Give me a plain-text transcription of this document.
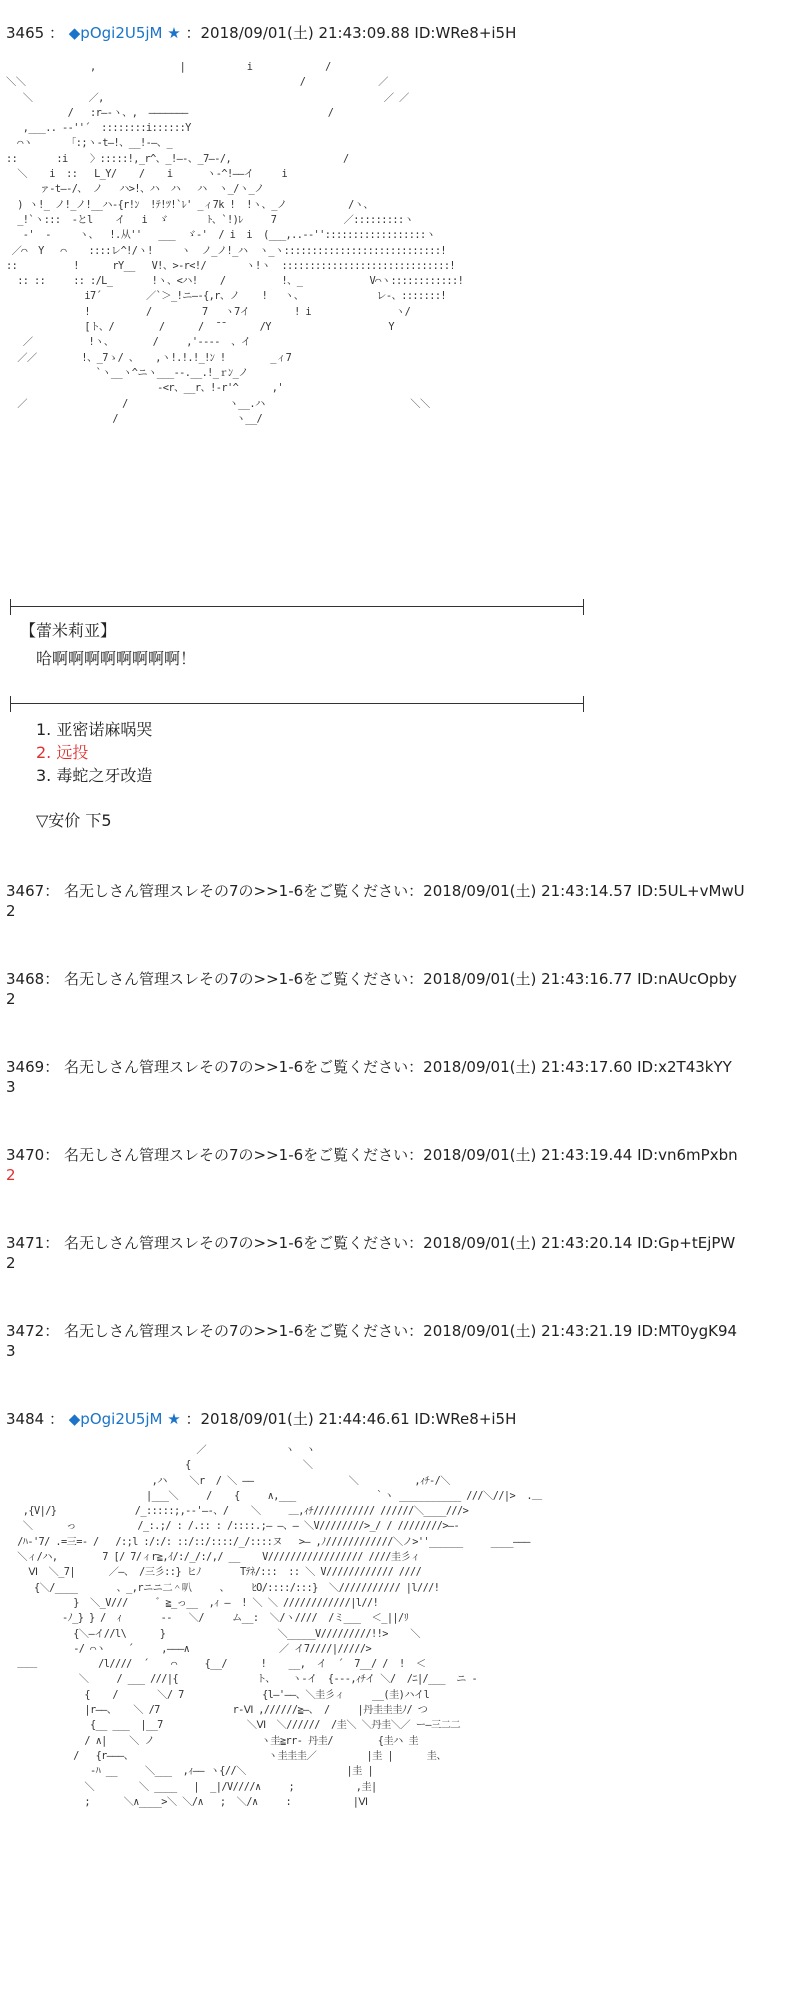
3465 ： ◆pOgi2U5jM ★ ：2018/09/01(土) 21:43:09.88 ID:WRe8+i5H
,               |           i             /
＼＼                                                 /             ／
＼          ／,                                                  ／ ／
/   :r―-ヽ、,  ―――――――                         /
,___.. -‐''´  ::::::::i::::::Y
⌒ヽ      「:;ヽ-t―!、__!-―、_
::       :i    〉:::::!,_r^、_!―-、_7―-/,                    /
＼    i  ::   L_Y/    /    i      ヽ-^!――イ     i
ァ-t―-/、 ノ   ハ>!、ハ  ハ   ハ  ヽ_/ヽ_ノ
) ヽ!_ ノ!_ノ!__ハ-{r!ﾝ  !ﾃ!ﾂ!`ﾚ' _ィ7k !  !ヽ、_ノ           /ヽ、
_!`ヽ:::  ‐とl    イ   i  ゞ       ﾄ、`!)ﾚ     7            ／:::::::::ヽ
‐'  ‐     ヽ、  !.从''   ___  ゞ-'  / i  i  (___,..-‐''::::::::::::::::::ヽ
／⌒  Y   ⌒    ::::レ^!/ヽ!     ヽ  ノ_ノ!_ハ  ヽ_ヽ::::::::::::::::::::::::::::!
::          !      rY__   V!、>-r<!/       ヽ!ヽ  ::::::::::::::::::::::::::::::!
:: ::     :: :/L_       !ヽ、<ハ!    /          !、_            V⌒ヽ::::::::::::!
i7´        ／`＞_!ニ―‐{,r、ノ    !   ヽ、             レ-、:::::::!
!          /         7   ヽ7イ        ! i               ヽ/
[ト、/        /      /  ̄ ̄       /Y                     Y
／          !ヽ、       /     ,'‐---  、イ
／／        !、_7ゝ/ 、   ,ヽ!.!.!_!ﾝ !        _ィ7
`ヽ__ヽ^ニヽ___--.__.!_ｒﾝ_ノ
‐<r、__r、!-r'^      ,'
／                 /                  ヽ__.ハ                          ＼＼
/                     ヽ__/
【蕾米莉亚】
哈啊啊啊啊啊啊啊啊！
1. 亚密诺麻㖞哭
2. 远投
3. 毒蛇之牙改造
▽安价 下5
3467： 名无しさん管理スレその7の>>1-6をご覧ください：2018/09/01(土) 21:43:14.57 ID:5UL+vMwU
2
3468： 名无しさん管理スレその7の>>1-6をご覧ください：2018/09/01(土) 21:43:16.77 ID:nAUcOpby
2
3469： 名无しさん管理スレその7の>>1-6をご覧ください：2018/09/01(土) 21:43:17.60 ID:x2T43kYY
3
3470： 名无しさん管理スレその7の>>1-6をご覧ください：2018/09/01(土) 21:43:19.44 ID:vn6mPxbn
2
3471： 名无しさん管理スレその7の>>1-6をご覧ください：2018/09/01(土) 21:43:20.14 ID:Gp+tEjPW
2
3472： 名无しさん管理スレその7の>>1-6をご覧ください：2018/09/01(土) 21:43:21.19 ID:MT0ygK94
3
3484 ： ◆pOgi2U5jM ★ ：2018/09/01(土) 21:44:46.61 ID:WRe8+i5H
／              ヽ  ヽ
{                    ＼
,ハ    ＼r  / ＼ ――                 ＼          ,ｨﾁ‐/＼
|___＼     /    {     ∧,___              ｀ヽ ___________ ///＼//|>  .＿
,{V|/}              /_:::::;,‐‐'―-、/    ＼     ＿,ｨﾁ/////////// //////＼____///>
＼      っ           /_:.;/ : /.:: : /::::.;― ―、― ＼V////////>_/ / ////////>―‐
/ﾊ‐'7/ .=三=‐ /   /:;l :/:/: ::/::/::::/_/::::ヌ   >― ,ﾉ////////////＼ノ>''______     ____―――
＼ィ/ハ,        7 [/ 7/ィr≧,ｲ/:/_/:/,/ __    V///////////////// ////圭彡ィ
Ⅵ  ＼_7|      ／―、 /三彡::} ヒﾉ       Tﾃﾈ/:::  :: ＼ V//////////// ////
{＼/____       、_,rニニ二＾叭     、    ﾋO/::::/:::}  ＼/////////// |l///!
}  ＼_V///     ゛≧_っ__  ,ｨ ―  ! ＼ ＼ ////////////|l//!
‐ﾉ_} } /  ｨ       -‐   ＼/     ム__:  ＼/ヽ////  /ミ___  ＜_||/ﾘ
{＼―イ//l\      }                    ＼_____V/////////!!>    ＼
‐/ ⌒ヽ    ´     ,―――∧                ／ イ7////|/////>
＿＿           /l////  ´    ⌒     {__/      !    __,  イ  ´  7__/ /  !  ＜
＼     / ___ ///|{              ト、   ヽ‐イ  {‐‐‐,ｨﾁイ ＼/  /ﾆ|/___  ニ ‐
{    /       ＼/ 7              {l―'――、＼圭彡ィ     __(圭)ハイl
|r――、   ＼ /7             r-Ⅵ ,//////≧―、 /     |丹圭圭圭ﾉ/ つ
{__ ___  |__7               ＼Ⅵ  ＼//////  /圭＼ ＼丹圭＼／ ー―三二二
/ ∧|    ＼ ノ                   ヽ圭≧rr‐ 丹圭/        {圭ハ 圭
/   {r―――、                        ヽ圭圭圭／         |圭 |      圭、
‐ﾊ __     ＼___  ,ｨ―― ヽ{//＼                  |圭 |
＼        ＼ ____   |  _|/V////∧     ;           ,圭|
;      ＼∧____>＼ ＼/∧   ;  ＼/∧     :           |Ⅵ
